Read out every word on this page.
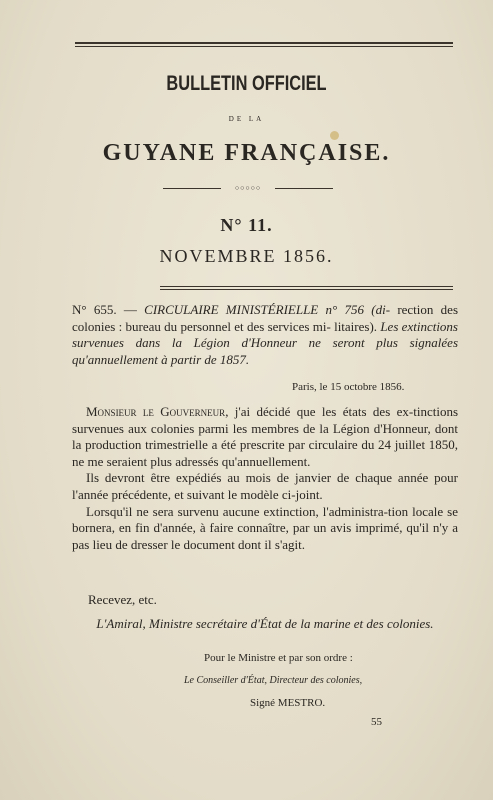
BULLETIN OFFICIEL
DE LA
GUYANE FRANÇAISE.
○○○○○
N° 11.
NOVEMBRE 1856.
N° 655. — CIRCULAIRE MINISTÉRIELLE n° 756 (di- rection des colonies : bureau du personnel et des services mi- litaires). Les extinctions survenues dans la Légion d'Honneur ne seront plus signalées qu'annuellement à partir de 1857.
Paris, le 15 octobre 1856.

Monsieur le Gouverneur, j'ai décidé que les états des ex-tinctions survenues aux colonies parmi les membres de la Légion d'Honneur, dont la production trimestrielle a été prescrite par circulaire du 24 juillet 1850, ne me seraient plus adressés qu'annuellement.

Ils devront être expédiés au mois de janvier de chaque année pour l'année précédente, et suivant le modèle ci-joint.

Lorsqu'il ne sera survenu aucune extinction, l'administra-tion locale se bornera, en fin d'année, à faire connaître, par un avis imprimé, qu'il n'y a pas lieu de dresser le document dont il s'agit.

Recevez, etc.
L'Amiral, Ministre secrétaire d'État de la marine et des colonies.
Pour le Ministre et par son ordre :
Le Conseiller d'État, Directeur des colonies,
Signé MESTRO.
55
